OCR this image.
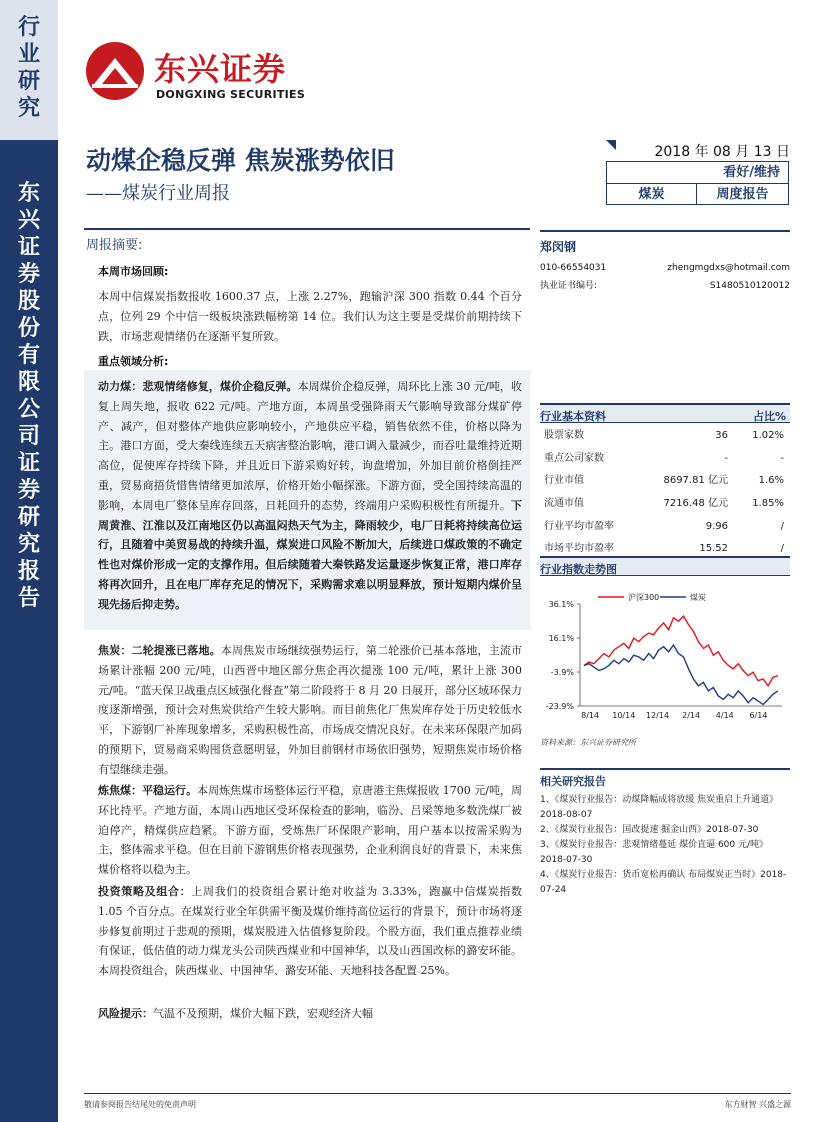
行
业
研
究
东
兴
证
券
股
份
有
限
公
司
证
券
研
究
报
告
东兴证券
DONGXING SECURITIES
动煤企稳反弹 焦炭涨势依旧
——煤炭行业周报
2018 年 08 月 13 日
看好/维持
煤炭	周度报告
周报摘要:
本周市场回顾:
本周中信煤炭指数报收 1600.37 点，上涨 2.27%，跑输沪深 300 指数 0.44 个百分点，位列 29 个中信一级板块涨跌幅榜第 14 位。我们认为这主要是受煤价前期持续下跌，市场悲观情绪仍在逐渐平复所致。
重点领域分析:
动力煤：悲观情绪修复，煤价企稳反弹。本周煤价企稳反弹，周环比上涨 30 元/吨，收复上周失地，报收 622 元/吨。产地方面，本周虽受强降雨天气影响导致部分煤矿停产、减产，但对整体产地供应影响较小，产地供应平稳，销售依然不佳，价格以降为主。港口方面，受大秦线连续五天病害整治影响，港口调入量减少，而吞吐量维持近期高位，促使库存持续下降，并且近日下游采购好转，询盘增加，外加目前价格倒挂严重，贸易商捂货惜售情绪更加浓厚，价格开始小幅探涨。下游方面，受全国持续高温的影响，本周电厂整体呈库存回落，日耗回升的态势，终端用户采购积极性有所提升。下周黄淮、江淮以及江南地区仍以高温闷热天气为主，降雨较少，电厂日耗将持续高位运行，且随着中美贸易战的持续升温，煤炭进口风险不断加大，后续进口煤政策的不确定性也对煤价形成一定的支撑作用。但后续随着大秦铁路发运量逐步恢复正常，港口库存将再次回升，且在电厂库存充足的情况下，采购需求难以明显释放，预计短期内煤价呈现先扬后抑走势。
焦炭：二轮提涨已落地。本周焦炭市场继续强势运行，第二轮涨价已基本落地，主流市场累计涨幅 200 元/吨，山西晋中地区部分焦企再次提涨 100 元/吨，累计上涨 300 元/吨。“蓝天保卫战重点区域强化督查”第二阶段将于 8 月 20 日展开，部分区域环保力度逐渐增强，预计会对焦炭供给产生较大影响。而目前焦化厂焦炭库存处于历史较低水平，下游钢厂补库现象增多，采购积极性高，市场成交情况良好。在未来环保限产加码的预期下，贸易商采购囤货意愿明显，外加目前钢材市场依旧强势，短期焦炭市场价格有望继续走强。
炼焦煤：平稳运行。本周炼焦煤市场整体运行平稳，京唐港主焦煤报收 1700 元/吨，周环比持平。产地方面，本周山西地区受环保检查的影响，临汾、吕梁等地多数洗煤厂被迫停产，精煤供应趋紧。下游方面，受炼焦厂环保限产影响，用户基本以按需采购为主，整体需求平稳。但在目前下游钢焦价格表现强势，企业利润良好的背景下，未来焦煤价格将以稳为主。
投资策略及组合：上周我们的投资组合累计绝对收益为 3.33%，跑赢中信煤炭指数 1.05 个百分点。在煤炭行业全年供需平衡及煤价维持高位运行的背景下，预计市场将逐步修复前期过于悲观的预期，煤炭股进入估值修复阶段。个股方面，我们重点推荐业绩有保证，低估值的动力煤龙头公司陕西煤业和中国神华，以及山西国改标的潞安环能。本周投资组合，陕西煤业、中国神华、潞安环能、天地科技各配置 25%。
风险提示：气温不及预期，煤价大幅下跌，宏观经济大幅
郑闵钢
010-66554031	zhengmgdxs@hotmail.com
执业证书编号:	S1480510120012
行业基本资料	占比%
股票家数	36 1.02%
重点公司家数	-	-
行业市值	8697.81 亿元	1.6%
流通市值	7216.48 亿元 1.85%
行业平均市盈率	9.96	/
市场平均市盈率	15.52	/
行业指数走势图
36.1%
16.1%
-3.9%
-23.9%
8/14 10/14 12/14 2/14 4/14 6/14
沪深300	煤炭
资料来源：东兴证券研究所
相关研究报告
1、《煤炭行业报告：动煤降幅成将放缓 焦炭重启上升通道》2018-08-07
2、《煤炭行业报告：国改提速 掘金山西》2018-07-30
3、《煤炭行业报告：悲观情绪蔓延 煤价直逼 600 元/吨》2018-07-30
4、《煤炭行业报告：货币宽松再确认 布局煤炭正当时》2018-07-24
敬请参阅报告结尾处的免责声明	东方财智 兴盛之源
